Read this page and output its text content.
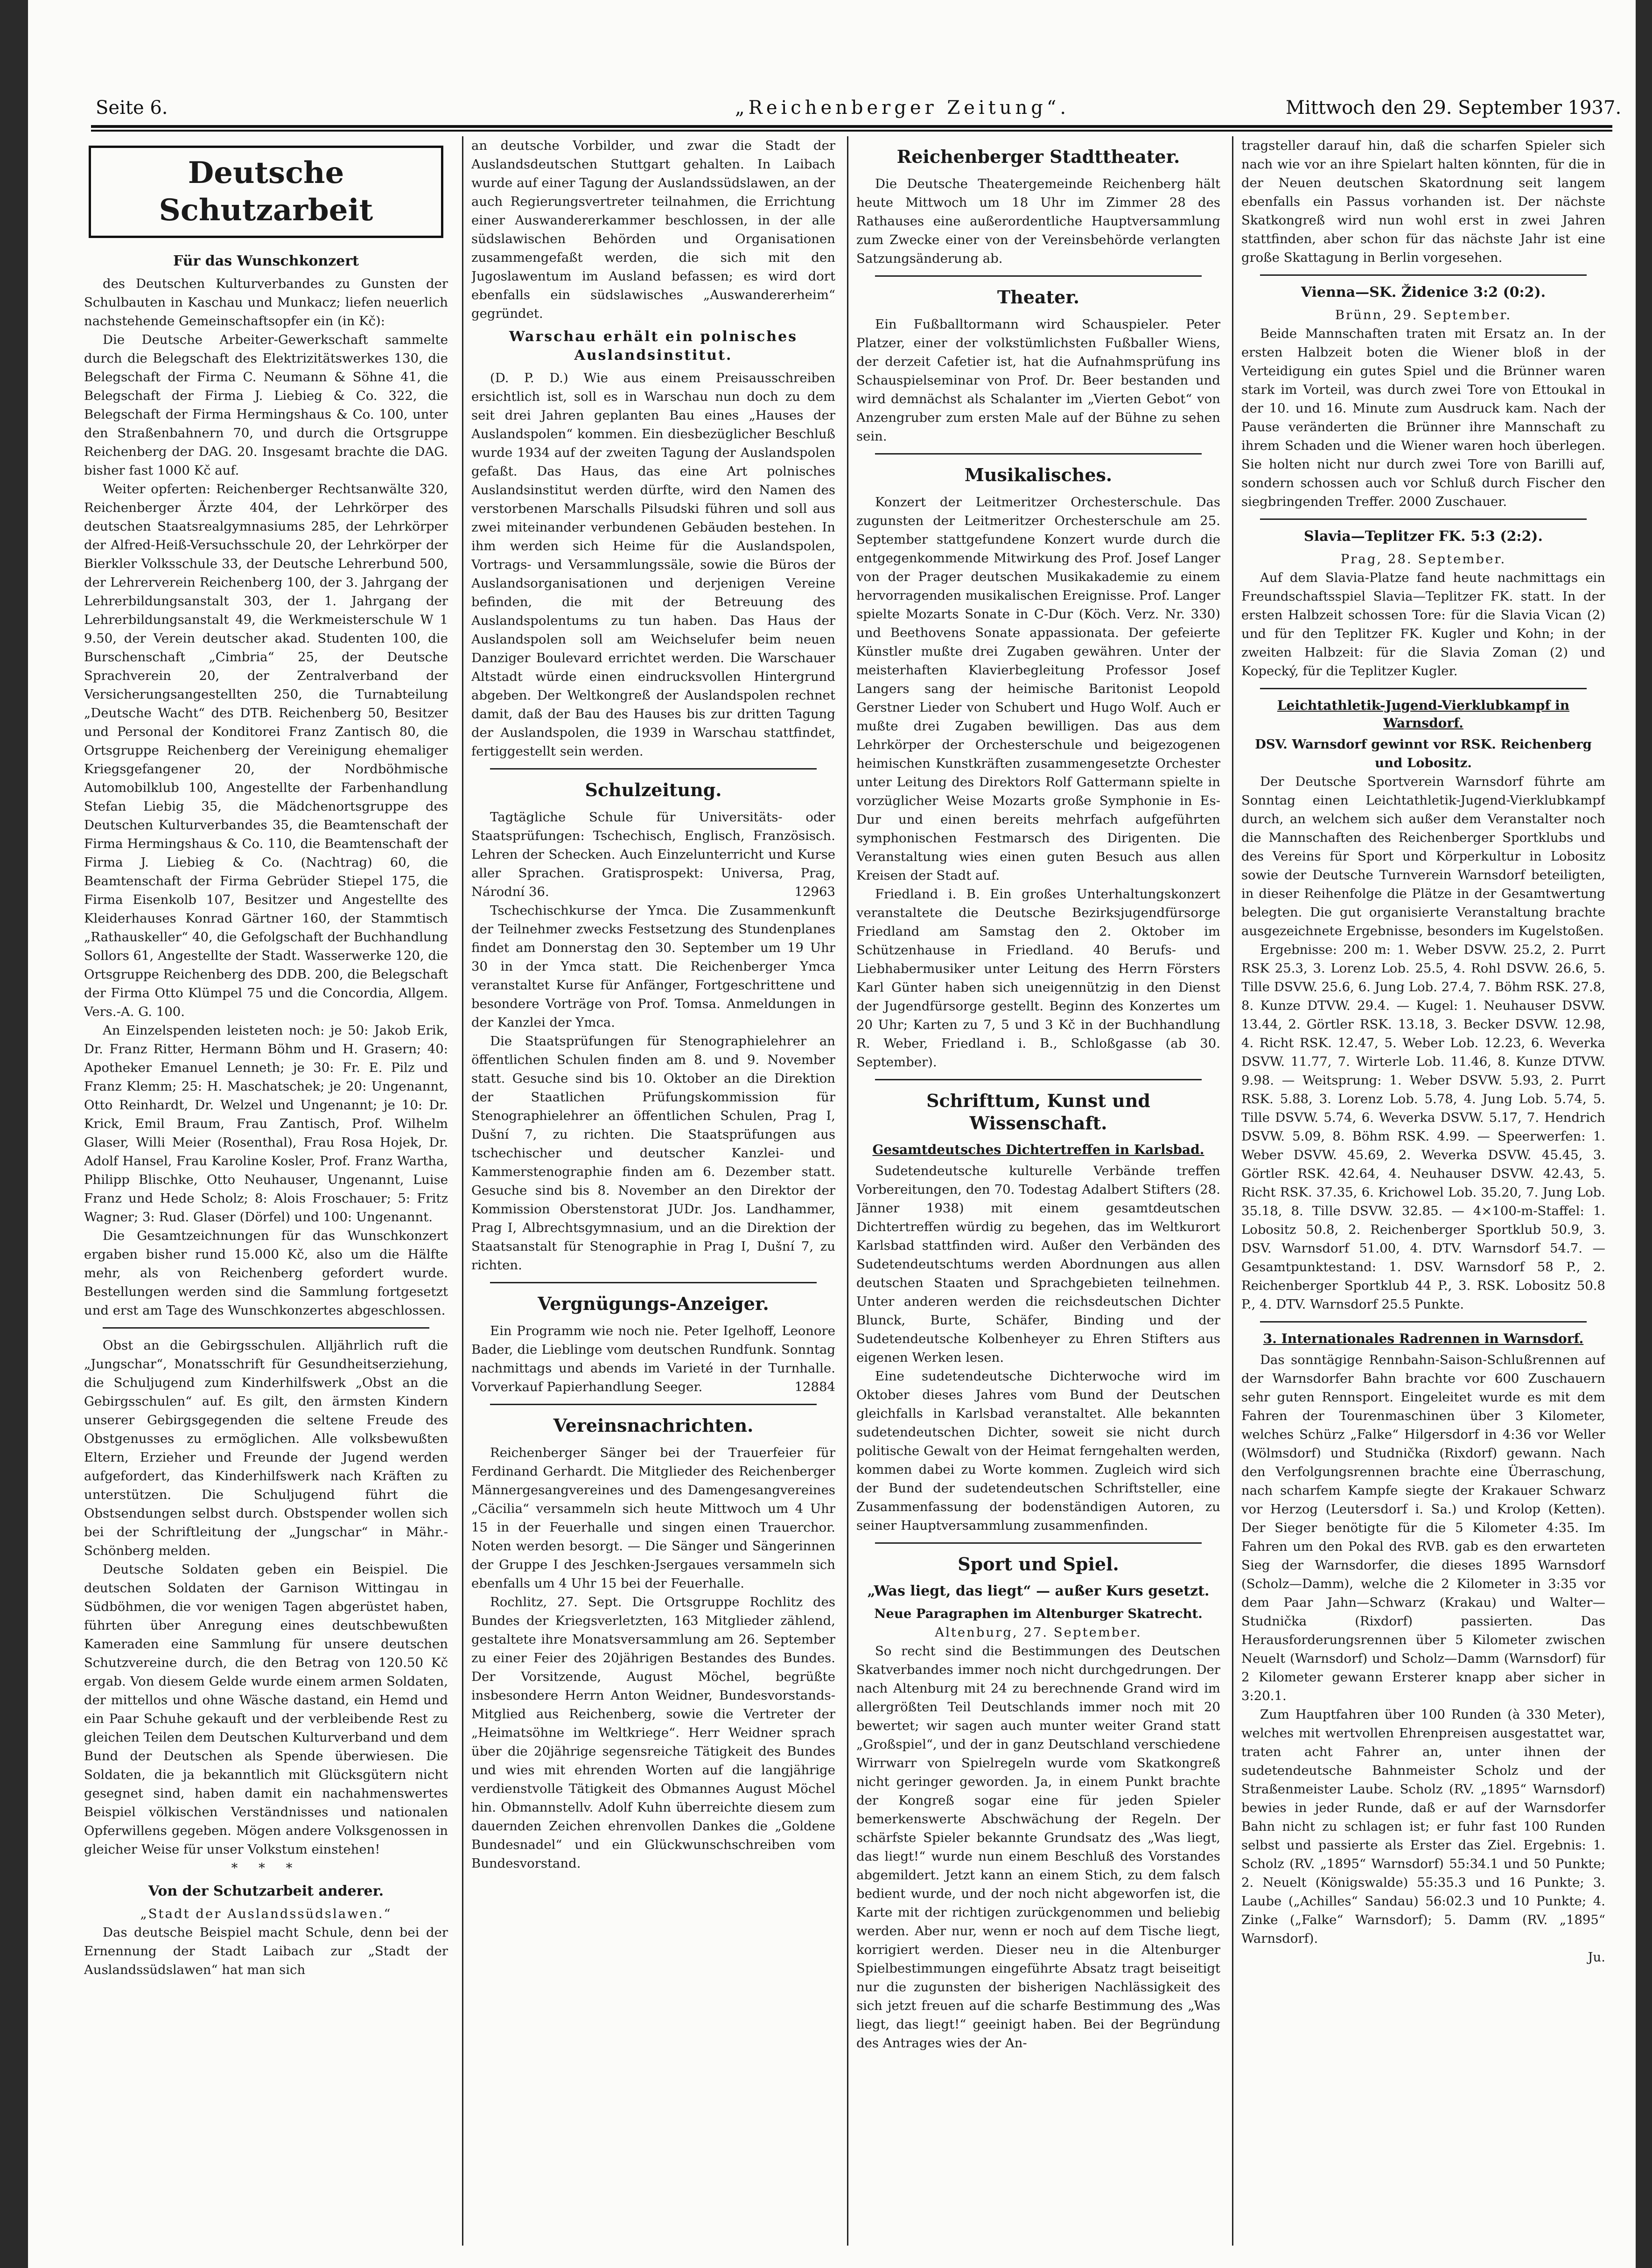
Seite 6.	„Reichenberger Zeitung“.	Mittwoch den 29. September 1937.
Deutsche Schutzarbeit
Für das Wunschkonzert

des Deutschen Kulturverbandes zu Gunsten der Schulbauten in Kaschau und Munkacz; liefen neuerlich nachstehende Gemeinschaftsopfer ein (in Kč):

Die Deutsche Arbeiter-Gewerkschaft sammelte durch die Belegschaft des Elektrizitätswerkes 130, die Belegschaft der Firma C. Neumann & Söhne 41, die Belegschaft der Firma J. Liebieg & Co. 322, die Belegschaft der Firma Hermingshaus & Co. 100, unter den Straßenbahnern 70, und durch die Ortsgruppe Reichenberg der DAG. 20. Insgesamt brachte die DAG. bisher fast 1000 Kč auf.

Weiter opferten: Reichenberger Rechtsanwälte 320, Reichenberger Ärzte 404, der Lehrkörper des deutschen Staatsrealgymnasiums 285, der Lehrkörper der Alfred-Heiß-Versuchsschule 20, der Lehrkörper der Bierkler Volksschule 33, der Deutsche Lehrerbund 500, der Lehrerverein Reichenberg 100, der 3. Jahrgang der Lehrerbildungsanstalt 303, der 1. Jahrgang der Lehrerbildungsanstalt 49, die Werkmeisterschule W 1 9.50, der Verein deutscher akad. Studenten 100, die Burschenschaft „Cimbria“ 25, der Deutsche Sprachverein 20, der Zentralverband der Versicherungsangestellten 250, die Turnabteilung „Deutsche Wacht“ des DTB. Reichenberg 50, Besitzer und Personal der Konditorei Franz Zantisch 80, die Ortsgruppe Reichenberg der Vereinigung ehemaliger Kriegsgefangener 20, der Nordböhmische Automobilklub 100, Angestellte der Farbenhandlung Stefan Liebig 35, die Mädchenortsgruppe des Deutschen Kulturverbandes 35, die Beamtenschaft der Firma Hermingshaus & Co. 110, die Beamtenschaft der Firma J. Liebieg & Co. (Nachtrag) 60, die Beamtenschaft der Firma Gebrüder Stiepel 175, die Firma Eisenkolb 107, Besitzer und Angestellte des Kleiderhauses Konrad Gärtner 160, der Stammtisch „Rathauskeller“ 40, die Gefolgschaft der Buchhandlung Sollors 61, Angestellte der Stadt. Wasserwerke 120, die Ortsgruppe Reichenberg des DDB. 200, die Belegschaft der Firma Otto Klümpel 75 und die Concordia, Allgem. Vers.-A. G. 100.

An Einzelspenden leisteten noch: je 50: Jakob Erik, Dr. Franz Ritter, Hermann Böhm und H. Grasern; 40: Apotheker Emanuel Lenneth; je 30: Fr. E. Pilz und Franz Klemm; 25: H. Maschatschek; je 20: Ungenannt, Otto Reinhardt, Dr. Welzel und Ungenannt; je 10: Dr. Krick, Emil Braum, Frau Zantisch, Prof. Wilhelm Glaser, Willi Meier (Rosenthal), Frau Rosa Hojek, Dr. Adolf Hansel, Frau Karoline Kosler, Prof. Franz Wartha, Philipp Blischke, Otto Neuhauser, Ungenannt, Luise Franz und Hede Scholz; 8: Alois Froschauer; 5: Fritz Wagner; 3: Rud. Glaser (Dörfel) und 100: Ungenannt.

Die Gesamtzeichnungen für das Wunschkonzert ergaben bisher rund 15.000 Kč, also um die Hälfte mehr, als von Reichenberg gefordert wurde. Bestellungen werden sind die Sammlung fortgesetzt und erst am Tage des Wunschkonzertes abgeschlossen.

Obst an die Gebirgsschulen. Alljährlich ruft die „Jungschar“, Monatsschrift für Gesundheitserziehung, die Schuljugend zum Kinderhilfswerk „Obst an die Gebirgsschulen“ auf. Es gilt, den ärmsten Kindern unserer Gebirgsgegenden die seltene Freude des Obstgenusses zu ermöglichen. Alle volksbewußten Eltern, Erzieher und Freunde der Jugend werden aufgefordert, das Kinderhilfswerk nach Kräften zu unterstützen. Die Schuljugend führt die Obstsendungen selbst durch. Obstspender wollen sich bei der Schriftleitung der „Jungschar“ in Mähr.-Schönberg melden.

Deutsche Soldaten geben ein Beispiel. Die deutschen Soldaten der Garnison Wittingau in Südböhmen, die vor wenigen Tagen abgerüstet haben, führten über Anregung eines deutschbewußten Kameraden eine Sammlung für unsere deutschen Schutzvereine durch, die den Betrag von 120.50 Kč ergab. Von diesem Gelde wurde einem armen Soldaten, der mittellos und ohne Wäsche dastand, ein Hemd und ein Paar Schuhe gekauft und der verbleibende Rest zu gleichen Teilen dem Deutschen Kulturverband und dem Bund der Deutschen als Spende überwiesen. Die Soldaten, die ja bekanntlich mit Glücksgütern nicht gesegnet sind, haben damit ein nachahmenswertes Beispiel völkischen Verständnisses und nationalen Opferwillens gegeben. Mögen andere Volksgenossen in gleicher Weise für unser Volkstum einstehen!

* * *

Von der Schutzarbeit anderer.

„Stadt der Auslandssüdslawen.“

Das deutsche Beispiel macht Schule, denn bei der Ernennung der Stadt Laibach zur „Stadt der Auslandssüdslawen“ hat man sich

an deutsche Vorbilder, und zwar die Stadt der Auslandsdeutschen Stuttgart gehalten. In Laibach wurde auf einer Tagung der Auslandssüdslawen, an der auch Regierungsvertreter teilnahmen, die Errichtung einer Auswandererkammer beschlossen, in der alle südslawischen Behörden und Organisationen zusammengefaßt werden, die sich mit den Jugoslawentum im Ausland befassen; es wird dort ebenfalls ein südslawisches „Auswandererheim“ gegründet.

Warschau erhält ein polnisches Auslandsinstitut.

(D. P. D.) Wie aus einem Preisausschreiben ersichtlich ist, soll es in Warschau nun doch zu dem seit drei Jahren geplanten Bau eines „Hauses der Auslandspolen“ kommen. Ein diesbezüglicher Beschluß wurde 1934 auf der zweiten Tagung der Auslandspolen gefaßt. Das Haus, das eine Art polnisches Auslandsinstitut werden dürfte, wird den Namen des verstorbenen Marschalls Pilsudski führen und soll aus zwei miteinander verbundenen Gebäuden bestehen. In ihm werden sich Heime für die Auslandspolen, Vortrags- und Versammlungssäle, sowie die Büros der Auslandsorganisationen und derjenigen Vereine befinden, die mit der Betreuung des Auslandspolentums zu tun haben. Das Haus der Auslandspolen soll am Weichselufer beim neuen Danziger Boulevard errichtet werden. Die Warschauer Altstadt würde einen eindrucksvollen Hintergrund abgeben. Der Weltkongreß der Auslandspolen rechnet damit, daß der Bau des Hauses bis zur dritten Tagung der Auslandspolen, die 1939 in Warschau stattfindet, fertiggestellt sein werden.

Schulzeitung.

Tagtägliche Schule für Universitäts- oder Staatsprüfungen: Tschechisch, Englisch, Französisch. Lehren der Schecken. Auch Einzelunterricht und Kurse aller Sprachen. Gratisprospekt: Universa, Prag, Národní 36.	12963

Tschechischkurse der Ymca. Die Zusammenkunft der Teilnehmer zwecks Festsetzung des Stundenplanes findet am Donnerstag den 30. September um 19 Uhr 30 in der Ymca statt. Die Reichenberger Ymca veranstaltet Kurse für Anfänger, Fortgeschrittene und besondere Vorträge von Prof. Tomsa. Anmeldungen in der Kanzlei der Ymca.

Die Staatsprüfungen für Stenographielehrer an öffentlichen Schulen finden am 8. und 9. November statt. Gesuche sind bis 10. Oktober an die Direktion der Staatlichen Prüfungskommission für Stenographielehrer an öffentlichen Schulen, Prag I, Dušní 7, zu richten. Die Staatsprüfungen aus tschechischer und deutscher Kanzlei- und Kammerstenographie finden am 6. Dezember statt. Gesuche sind bis 8. November an den Direktor der Kommission Oberstenstorat JUDr. Jos. Landhammer, Prag I, Albrechtsgymnasium, und an die Direktion der Staatsanstalt für Stenographie in Prag I, Dušní 7, zu richten.

Vergnügungs-Anzeiger.

Ein Programm wie noch nie. Peter Igelhoff, Leonore Bader, die Lieblinge vom deutschen Rundfunk. Sonntag nachmittags und abends im Varieté in der Turnhalle. Vorverkauf Papierhandlung Seeger.	12884

Vereinsnachrichten.

Reichenberger Sänger bei der Trauerfeier für Ferdinand Gerhardt. Die Mitglieder des Reichenberger Männergesangvereines und des Damengesangvereines „Cäcilia“ versammeln sich heute Mittwoch um 4 Uhr 15 in der Feuerhalle und singen einen Trauerchor. Noten werden besorgt. — Die Sänger und Sängerinnen der Gruppe I des Jeschken-Jsergaues versammeln sich ebenfalls um 4 Uhr 15 bei der Feuerhalle.

Rochlitz, 27. Sept. Die Ortsgruppe Rochlitz des Bundes der Kriegsverletzten, 163 Mitglieder zählend, gestaltete ihre Monatsversammlung am 26. September zu einer Feier des 20jährigen Bestandes des Bundes. Der Vorsitzende, August Möchel, begrüßte insbesondere Herrn Anton Weidner, Bundesvorstands-Mitglied aus Reichenberg, sowie die Vertreter der „Heimatsöhne im Weltkriege“. Herr Weidner sprach über die 20jährige segensreiche Tätigkeit des Bundes und wies mit ehrenden Worten auf die langjährige verdienstvolle Tätigkeit des Obmannes August Möchel hin. Obmannstellv. Adolf Kuhn überreichte diesem zum dauernden Zeichen ehrenvollen Dankes die „Goldene Bundesnadel“ und ein Glückwunschschreiben vom Bundesvorstand.

Reichenberger Stadttheater.

Die Deutsche Theatergemeinde Reichenberg hält heute Mittwoch um 18 Uhr im Zimmer 28 des Rathauses eine außerordentliche Hauptversammlung zum Zwecke einer von der Vereinsbehörde verlangten Satzungsänderung ab.

Theater.

Ein Fußballtormann wird Schauspieler. Peter Platzer, einer der volkstümlichsten Fußballer Wiens, der derzeit Cafetier ist, hat die Aufnahmsprüfung ins Schauspielseminar von Prof. Dr. Beer bestanden und wird demnächst als Schalanter im „Vierten Gebot“ von Anzengruber zum ersten Male auf der Bühne zu sehen sein.

Musikalisches.

Konzert der Leitmeritzer Orchesterschule. Das zugunsten der Leitmeritzer Orchesterschule am 25. September stattgefundene Konzert wurde durch die entgegenkommende Mitwirkung des Prof. Josef Langer von der Prager deutschen Musikakademie zu einem hervorragenden musikalischen Ereignisse. Prof. Langer spielte Mozarts Sonate in C-Dur (Köch. Verz. Nr. 330) und Beethovens Sonate appassionata. Der gefeierte Künstler mußte drei Zugaben gewähren. Unter der meisterhaften Klavierbegleitung Professor Josef Langers sang der heimische Baritonist Leopold Gerstner Lieder von Schubert und Hugo Wolf. Auch er mußte drei Zugaben bewilligen. Das aus dem Lehrkörper der Orchesterschule und beigezogenen heimischen Kunstkräften zusammengesetzte Orchester unter Leitung des Direktors Rolf Gattermann spielte in vorzüglicher Weise Mozarts große Symphonie in Es-Dur und einen bereits mehrfach aufgeführten symphonischen Festmarsch des Dirigenten. Die Veranstaltung wies einen guten Besuch aus allen Kreisen der Stadt auf.

Friedland i. B. Ein großes Unterhaltungskonzert veranstaltete die Deutsche Bezirksjugendfürsorge Friedland am Samstag den 2. Oktober im Schützenhause in Friedland. 40 Berufs- und Liebhabermusiker unter Leitung des Herrn Försters Karl Günter haben sich uneigennützig in den Dienst der Jugendfürsorge gestellt. Beginn des Konzertes um 20 Uhr; Karten zu 7, 5 und 3 Kč in der Buchhandlung R. Weber, Friedland i. B., Schloßgasse (ab 30. September).

Schrifttum, Kunst und Wissenschaft.
Gesamtdeutsches Dichtertreffen in Karlsbad.

Sudetendeutsche kulturelle Verbände treffen Vorbereitungen, den 70. Todestag Adalbert Stifters (28. Jänner 1938) mit einem gesamtdeutschen Dichtertreffen würdig zu begehen, das im Weltkurort Karlsbad stattfinden wird. Außer den Verbänden des Sudetendeutschtums werden Abordnungen aus allen deutschen Staaten und Sprachgebieten teilnehmen. Unter anderen werden die reichsdeutschen Dichter Blunck, Burte, Schäfer, Binding und der Sudetendeutsche Kolbenheyer zu Ehren Stifters aus eigenen Werken lesen.

Eine sudetendeutsche Dichterwoche wird im Oktober dieses Jahres vom Bund der Deutschen gleichfalls in Karlsbad veranstaltet. Alle bekannten sudetendeutschen Dichter, soweit sie nicht durch politische Gewalt von der Heimat ferngehalten werden, kommen dabei zu Worte kommen. Zugleich wird sich der Bund der sudetendeutschen Schriftsteller, eine Zusammenfassung der bodenständigen Autoren, zu seiner Hauptversammlung zusammenfinden.

Sport und Spiel.
„Was liegt, das liegt“ — außer Kurs gesetzt.

Neue Paragraphen im Altenburger Skatrecht.

Altenburg, 27. September.

So recht sind die Bestimmungen des Deutschen Skatverbandes immer noch nicht durchgedrungen. Der nach Altenburg mit 24 zu berechnende Grand wird im allergrößten Teil Deutschlands immer noch mit 20 bewertet; wir sagen auch munter weiter Grand statt „Großspiel“, und der in ganz Deutschland verschiedene Wirrwarr von Spielregeln wurde vom Skatkongreß nicht geringer geworden. Ja, in einem Punkt brachte der Kongreß sogar eine für jeden Spieler bemerkenswerte Abschwächung der Regeln. Der schärfste Spieler bekannte Grundsatz des „Was liegt, das liegt!“ wurde nun einem Beschluß des Vorstandes abgemildert. Jetzt kann an einem Stich, zu dem falsch bedient wurde, und der noch nicht abgeworfen ist, die Karte mit der richtigen zurückgenommen und beliebig werden. Aber nur, wenn er noch auf dem Tische liegt, korrigiert werden. Dieser neu in die Altenburger Spielbestimmungen eingeführte Absatz tragt beiseitigt nur die zugunsten der bisherigen Nachlässigkeit des sich jetzt freuen auf die scharfe Bestimmung des „Was liegt, das liegt!“ geeinigt haben. Bei der Begründung des Antrages wies der An-

tragsteller darauf hin, daß die scharfen Spieler sich nach wie vor an ihre Spielart halten könnten, für die in der Neuen deutschen Skatordnung seit langem ebenfalls ein Passus vorhanden ist. Der nächste Skatkongreß wird nun wohl erst in zwei Jahren stattfinden, aber schon für das nächste Jahr ist eine große Skattagung in Berlin vorgesehen.

Vienna—SK. Židenice 3:2 (0:2).

Brünn, 29. September.

Beide Mannschaften traten mit Ersatz an. In der ersten Halbzeit boten die Wiener bloß in der Verteidigung ein gutes Spiel und die Brünner waren stark im Vorteil, was durch zwei Tore von Ettoukal in der 10. und 16. Minute zum Ausdruck kam. Nach der Pause veränderten die Brünner ihre Mannschaft zu ihrem Schaden und die Wiener waren hoch überlegen. Sie holten nicht nur durch zwei Tore von Barilli auf, sondern schossen auch vor Schluß durch Fischer den siegbringenden Treffer. 2000 Zuschauer.

Slavia—Teplitzer FK. 5:3 (2:2).

Prag, 28. September.

Auf dem Slavia-Platze fand heute nachmittags ein Freundschaftsspiel Slavia—Teplitzer FK. statt. In der ersten Halbzeit schossen Tore: für die Slavia Vican (2) und für den Teplitzer FK. Kugler und Kohn; in der zweiten Halbzeit: für die Slavia Zoman (2) und Kopecký, für die Teplitzer Kugler.

Leichtathletik-Jugend-Vierklubkampf in Warnsdorf.

DSV. Warnsdorf gewinnt vor RSK. Reichenberg und Lobositz.

Der Deutsche Sportverein Warnsdorf führte am Sonntag einen Leichtathletik-Jugend-Vierklubkampf durch, an welchem sich außer dem Veranstalter noch die Mannschaften des Reichenberger Sportklubs und des Vereins für Sport und Körperkultur in Lobositz sowie der Deutsche Turnverein Warnsdorf beteiligten, in dieser Reihenfolge die Plätze in der Gesamtwertung belegten. Die gut organisierte Veranstaltung brachte ausgezeichnete Ergebnisse, besonders im Kugelstoßen.

Ergebnisse: 200 m: 1. Weber DSVW. 25.2, 2. Purrt RSK 25.3, 3. Lorenz Lob. 25.5, 4. Rohl DSVW. 26.6, 5. Tille DSVW. 25.6, 6. Jung Lob. 27.4, 7. Böhm RSK. 27.8, 8. Kunze DTVW. 29.4. — Kugel: 1. Neuhauser DSVW. 13.44, 2. Görtler RSK. 13.18, 3. Becker DSVW. 12.98, 4. Richt RSK. 12.47, 5. Weber Lob. 12.23, 6. Weverka DSVW. 11.77, 7. Wirterle Lob. 11.46, 8. Kunze DTVW. 9.98. — Weitsprung: 1. Weber DSVW. 5.93, 2. Purrt RSK. 5.88, 3. Lorenz Lob. 5.78, 4. Jung Lob. 5.74, 5. Tille DSVW. 5.74, 6. Weverka DSVW. 5.17, 7. Hendrich DSVW. 5.09, 8. Böhm RSK. 4.99. — Speerwerfen: 1. Weber DSVW. 45.69, 2. Weverka DSVW. 45.45, 3. Görtler RSK. 42.64, 4. Neuhauser DSVW. 42.43, 5. Richt RSK. 37.35, 6. Krichowel Lob. 35.20, 7. Jung Lob. 35.18, 8. Tille DSVW. 32.85. — 4×100-m-Staffel: 1. Lobositz 50.8, 2. Reichenberger Sportklub 50.9, 3. DSV. Warnsdorf 51.00, 4. DTV. Warnsdorf 54.7. — Gesamtpunktestand: 1. DSV. Warnsdorf 58 P., 2. Reichenberger Sportklub 44 P., 3. RSK. Lobositz 50.8 P., 4. DTV. Warnsdorf 25.5 Punkte.

3. Internationales Radrennen in Warnsdorf.

Das sonntägige Rennbahn-Saison-Schlußrennen auf der Warnsdorfer Bahn brachte vor 600 Zuschauern sehr guten Rennsport. Eingeleitet wurde es mit dem Fahren der Tourenmaschinen über 3 Kilometer, welches Schürz „Falke“ Hilgersdorf in 4:36 vor Weller (Wölmsdorf) und Studnička (Rixdorf) gewann. Nach den Verfolgungsrennen brachte eine Überraschung, nach scharfem Kampfe siegte der Krakauer Schwarz vor Herzog (Leutersdorf i. Sa.) und Krolop (Ketten). Der Sieger benötigte für die 5 Kilometer 4:35. Im Fahren um den Pokal des RVB. gab es den erwarteten Sieg der Warnsdorfer, die dieses 1895 Warnsdorf (Scholz—Damm), welche die 2 Kilometer in 3:35 vor dem Paar Jahn—Schwarz (Krakau) und Walter—Studnička (Rixdorf) passierten. Das Herausforderungsrennen über 5 Kilometer zwischen Neuelt (Warnsdorf) und Scholz—Damm (Warnsdorf) für 2 Kilometer gewann Ersterer knapp aber sicher in 3:20.1.

Zum Hauptfahren über 100 Runden (à 330 Meter), welches mit wertvollen Ehrenpreisen ausgestattet war, traten acht Fahrer an, unter ihnen der sudetendeutsche Bahnmeister Scholz und der Straßenmeister Laube. Scholz (RV. „1895“ Warnsdorf) bewies in jeder Runde, daß er auf der Warnsdorfer Bahn nicht zu schlagen ist; er fuhr fast 100 Runden selbst und passierte als Erster das Ziel. Ergebnis: 1. Scholz (RV. „1895“ Warnsdorf) 55:34.1 und 50 Punkte; 2. Neuelt (Königswalde) 55:35.3 und 16 Punkte; 3. Laube („Achilles“ Sandau) 56:02.3 und 10 Punkte; 4. Zinke („Falke“ Warnsdorf); 5. Damm (RV. „1895“ Warnsdorf).

Ju.
